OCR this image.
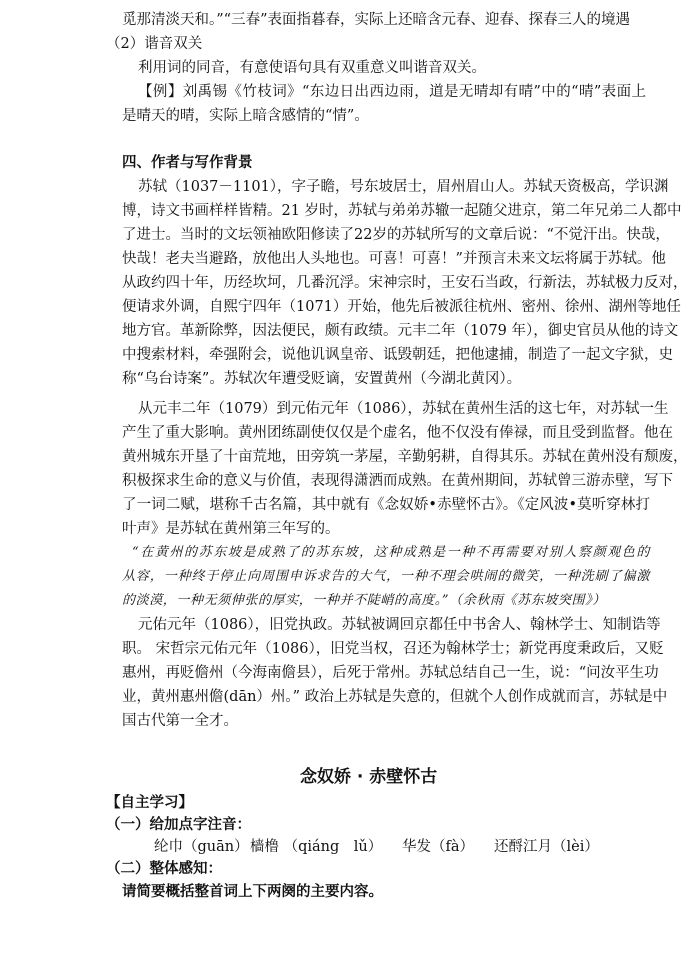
觅那清淡天和。”“三春”表面指暮春，实际上还暗含元春、迎春、探春三人的境遇
（2）谐音双关
利用词的同音，有意使语句具有双重意义叫谐音双关。
【例】刘禹锡《竹枝词》“东边日出西边雨，道是无晴却有晴”中的“晴”表面上
是晴天的晴，实际上暗含感情的“情”。
四、作者与写作背景
苏轼（1037－1101），字子瞻，号东坡居士，眉州眉山人。苏轼天资极高，学识渊
博，诗文书画样样皆精。21 岁时，苏轼与弟弟苏辙一起随父进京，第二年兄弟二人都中
了进士。当时的文坛领袖欧阳修读了22岁的苏轼所写的文章后说：“不觉汗出。快哉，
快哉！老夫当避路，放他出人头地也。可喜！可喜！”并预言未来文坛将属于苏轼。他
从政约四十年，历经坎坷，几番沉浮。宋神宗时，王安石当政，行新法，苏轼极力反对，
便请求外调，自熙宁四年（1071）开始，他先后被派往杭州、密州、徐州、湖州等地任
地方官。革新除弊，因法便民，颇有政绩。元丰二年（1079 年），御史官员从他的诗文
中搜索材料，牵强附会，说他讥讽皇帝、诋毁朝廷，把他逮捕，制造了一起文字狱，史
称“乌台诗案”。苏轼次年遭受贬谪，安置黄州（今湖北黄冈）。
从元丰二年（1079）到元佑元年（1086），苏轼在黄州生活的这七年，对苏轼一生
产生了重大影响。黄州团练副使仅仅是个虚名，他不仅没有俸禄，而且受到监督。他在
黄州城东开垦了十亩荒地，田旁筑一茅屋，辛勤躬耕，自得其乐。苏轼在黄州没有颓废，
积极探求生命的意义与价值，表现得潇洒而成熟。在黄州期间，苏轼曾三游赤壁，写下
了一词二赋，堪称千古名篇，其中就有《念奴娇•赤壁怀古》。《定风波•莫听穿林打
叶声》是苏轼在黄州第三年写的。
“在黄州的苏东坡是成熟了的苏东坡，这种成熟是一种不再需要对别人察颜观色的
从容，一种终于停止向周围申诉求告的大气，一种不理会哄闹的微笑，一种洗刷了偏激
的淡漠，一种无须伸张的厚实，一种并不陡峭的高度。”（余秋雨《苏东坡突围》）
元佑元年（1086），旧党执政。苏轼被调回京都任中书舍人、翰林学士、知制诰等
职。 宋哲宗元佑元年（1086），旧党当权，召还为翰林学士；新党再度秉政后，又贬
惠州，再贬儋州（今海南儋县），后死于常州。苏轼总结自己一生，说：“问汝平生功
业，黄州惠州儋(dān）州。” 政治上苏轼是失意的，但就个人创作成就而言，苏轼是中
国古代第一全才。
念奴娇 · 赤壁怀古
【自主学习】
（一）给加点字注音：
纶巾（guān） 樯橹 （qiáng　lǔ） 华发（fà） 还酹江月（lèi）
（二）整体感知：
请简要概括整首词上下两阕的主要内容。
